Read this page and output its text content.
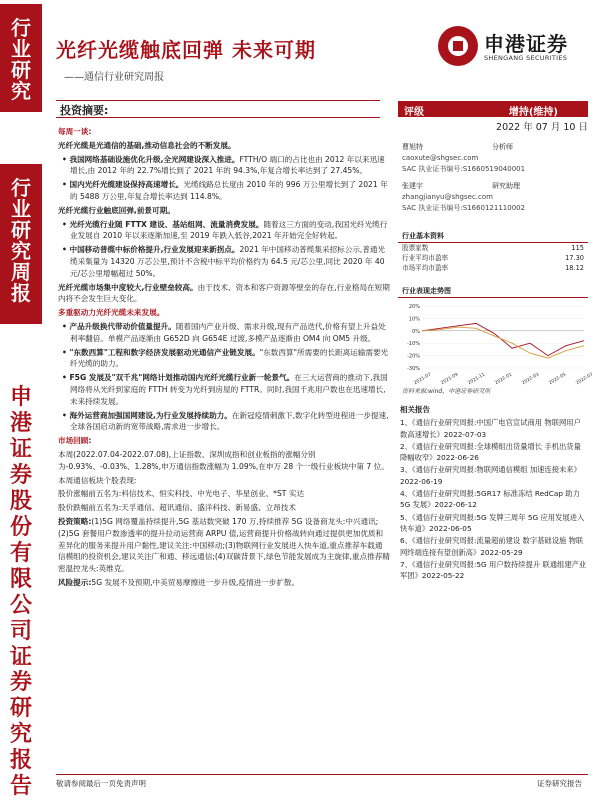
行
业
研
究
行
业
研
究
周
报
申
港
证
券
股
份
有
限
公
司
证
券
研
究
报
告
光纤光缆触底回弹 未来可期
——通信行业研究周报
申港证券
SHENGANG SECURITIES
投资摘要:
每周一谈:

光纤光缆是光通信的基础,推动信息社会的不断发展。

• 我国网络基础设施优化升级,全光网建设深入推进。FTTH/O 端口的占比也由 2012 年以来迅速增长,由 2012 年的 22.7%增长到了 2021 年的 94.3%,年复合增长率达到了 27.45%。

• 国内光纤光缆建设保持高速增长。光缆线路总长度由 2010 年的 996 万公里增长到了 2021 年的 5488 万公里,年复合增长率达到 114.8%。

光纤光缆行业触底回弹,前景可期。

• 光纤光缆行业随 FTTX 建设、基站组网、流量消费发展。随着这三方面的变动,我国光纤光缆行业发展自 2010 年以来逐渐加速,至 2019 年跌入低谷,2021 年开始完全好转起。

• 中国移动普缆中标价格提升,行业发展迎来新拐点。2021 年中国移动普缆集采招标公示,普通光缆采集量为 14320 万芯公里,预计不含税中标平均价格约为 64.5 元/芯公里,同比 2020 年 40 元/芯公里增幅超过 50%。

光纤光缆市场集中度较大,行业壁垒较高。由于技术、资本和客户资源等壁垒的存在,行业格局在短期内将不会发生巨大变化。

多重驱动力光纤光缆未来发展。

• 产品升级换代带动价值量提升。随着国内产业升级、需求升级,现有产品迭代,价格有望上升益处利率翻倍。单模产品逐渐由 G652D 向 G654E 过渡,多模产品逐渐由 OM4 向 OM5 升级。

• "东数西算"工程和数字经济发展驱动光通信产业链发展。"东数西算"所需要的长距离运输需要光纤光缆的助力。

• F5G 发展及"双千兆"网络计划推动国内光纤光缆行业新一轮景气。在三大运营商的推动下,我国网络将从光纤到家庭的 FTTH 转变为光纤到房屋的 FTTR。同时,我国千兆用户数也在迅速增长,未来持续发展。

• 海外运营商加强国网建设,为行业发展持续助力。在新冠疫情刺激下,数字化转型进程进一步提速,全球各国启动新的宽带战略,需求进一步增长。

市场回顾:

本周(2022.07.04-2022.07.08),上证指数、深圳成指和创业板指的涨幅分别为-0.93%、-0.03%、1.28%,申万通信指数涨幅为 1.09%,在申万 28 个一级行业板块中第 7 位。

本周通信板块个股表现:

股价涨幅前五名为:科信技术、恒实科技、中光电子、华星创业、*ST 实达

股价跌幅前五名为:天孚通信、超讯通信、盛洋科技、新易盛、立昂技术

投资策略:(1)5G 网络覆盖持续提升,5G 基站数突破 170 万,持续推荐 5G 设备商龙头:中兴通讯;(2)5G 套餐用户数渗透率的提升拉动运营商 ARPU 值,运营商提升价格战转向通过提供更加优质和差异化的服务来提升用户黏性,建议关注:中国移动;(3)物联网行业发展进入快车道,重点推荐车载通信模组的投资机会,建议关注广和通、移远通信;(4)双碳背景下,绿色节能发展成为主旋律,重点推荐精密温控龙头:英维克。

风险提示:5G 发展不及预期,中美贸易摩擦进一步升级,疫情进一步扩散。

评级	增持(维持)
2022 年 07 月 10 日
曹旭特	分析师
caoxute@shgsec.com
SAC 执业证书编号:S1660519040001
张建宇	研究助理
zhangjianyu@shgsec.com
SAC 执业证书编号:S1660121110002
行业基本资料
股票家数	115
行业平均市盈率	17.30
市场平均市盈率	18.12
行业表现走势图
20%
10%
0%
-10%
-20%
-30%
2021-07 2021-09 2021-11 2022-01 2022-03 2022-05 2022-07
资料来源:wind、申港证券研究所
相关报告
1、《通信行业研究周报:中国广电官宣试商用 物联网用户数高速增长》2022-07-03
2、《通信行业研究周报:全球模组出货量增长 手机出货量降幅收窄》2022-06-26
3、《通信行业研究周报:物联网通信模组 加速连接未来》2022-06-19
4、《通信行业研究周报:5GR17 标准冻结 RedCap 助力 5G 发展》2022-06-12
5、《通信行业研究周报:5G 发牌三周年 5G 应用发展进入快车道》2022-06-05
6、《通信行业研究周报:流量超前建设 数字基础设施 物联网终端连接有望创新高》2022-05-29
7、《通信行业研究周报:5G 用户数持续提升 联通组建产业军团》2022-05-22
敬请参阅最后一页免责声明	证券研究报告
